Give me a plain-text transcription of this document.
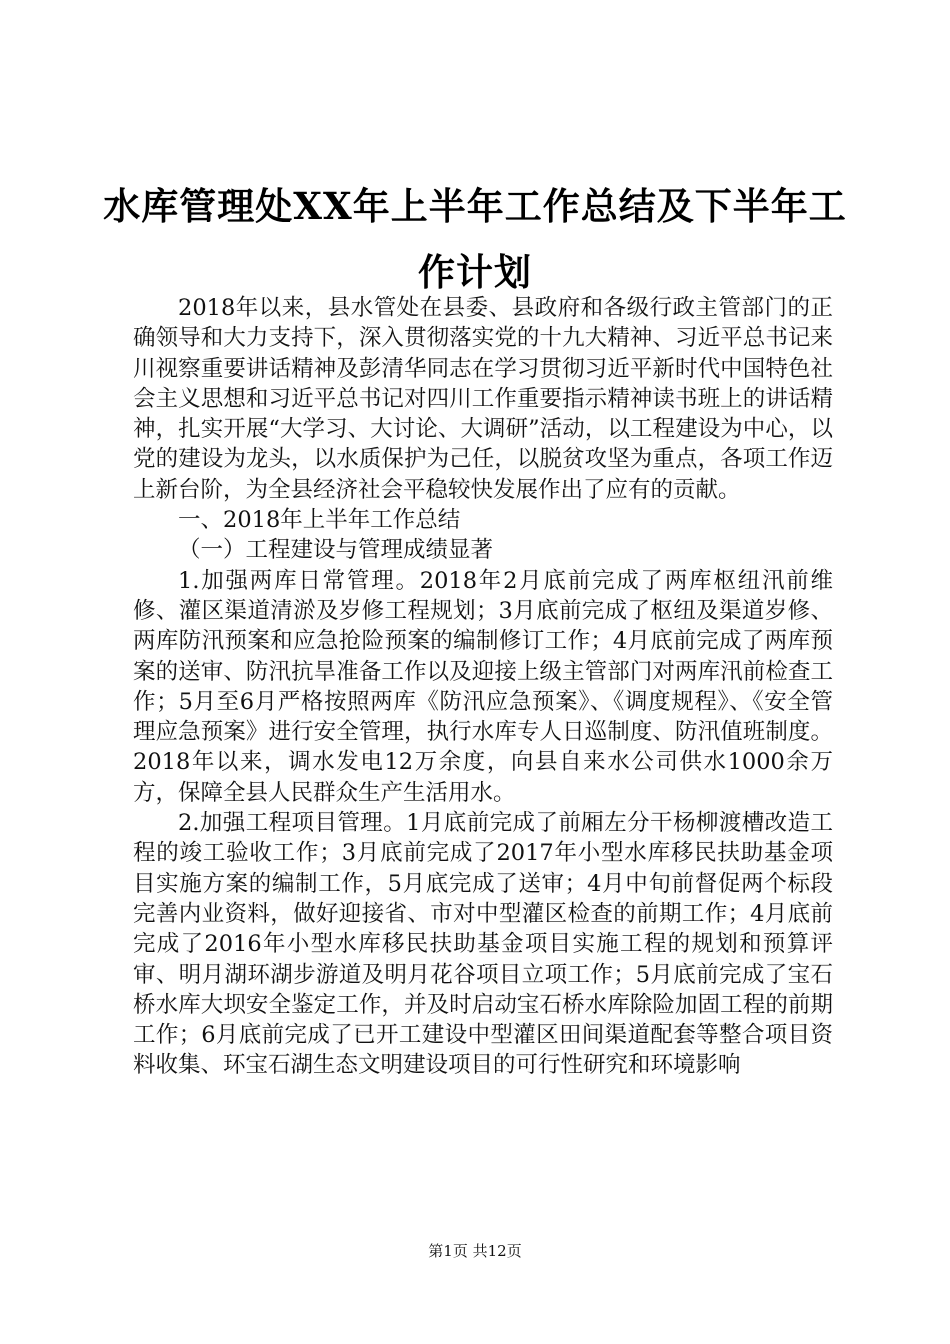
水库管理处XX年上半年工作总结及下半年工
作计划

2018年以来，县水管处在县委、县政府和各级行政主管部门的正确领导和大力支持下，深入贯彻落实党的十九大精神、习近平总书记来川视察重要讲话精神及彭清华同志在学习贯彻习近平新时代中国特色社会主义思想和习近平总书记对四川工作重要指示精神读书班上的讲话精神，扎实开展“大学习、大讨论、大调研”活动，以工程建设为中心，以党的建设为龙头，以水质保护为己任，以脱贫攻坚为重点，各项工作迈上新台阶，为全县经济社会平稳较快发展作出了应有的贡献。

一、2018年上半年工作总结

（一）工程建设与管理成绩显著

1.加强两库日常管理。2018年2月底前完成了两库枢纽汛前维修、灌区渠道清淤及岁修工程规划；3月底前完成了枢纽及渠道岁修、两库防汛预案和应急抢险预案的编制修订工作；4月底前完成了两库预案的送审、防汛抗旱准备工作以及迎接上级主管部门对两库汛前检查工作；5月至6月严格按照两库《防汛应急预案》、《调度规程》、《安全管理应急预案》进行安全管理，执行水库专人日巡制度、防汛值班制度。2018年以来，调水发电12万余度，向县自来水公司供水1000余万方，保障全县人民群众生产生活用水。

2.加强工程项目管理。1月底前完成了前厢左分干杨柳渡槽改造工程的竣工验收工作；3月底前完成了2017年小型水库移民扶助基金项目实施方案的编制工作，5月底完成了送审；4月中旬前督促两个标段完善内业资料，做好迎接省、市对中型灌区检查的前期工作；4月底前完成了2016年小型水库移民扶助基金项目实施工程的规划和预算评审、明月湖环湖步游道及明月花谷项目立项工作；5月底前完成了宝石桥水库大坝安全鉴定工作，并及时启动宝石桥水库除险加固工程的前期工作；6月底前完成了已开工建设中型灌区田间渠道配套等整合项目资料收集、环宝石湖生态文明建设项目的可行性研究和环境影响

第1页 共12页
